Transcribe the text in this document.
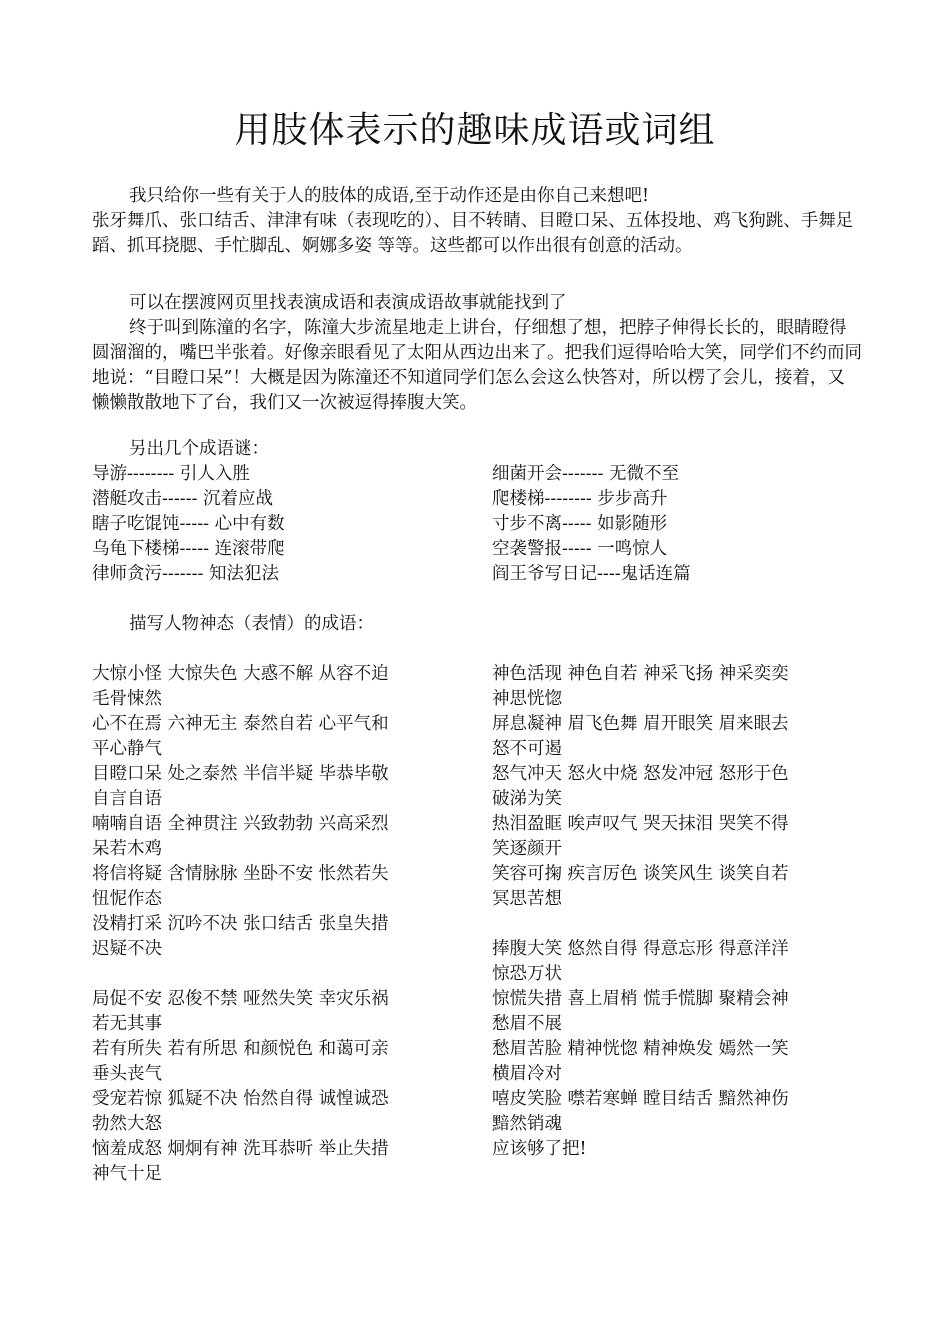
用肢体表示的趣味成语或词组

我只给你一些有关于人的肢体的成语,至于动作还是由你自己来想吧!

张牙舞爪、张口结舌、津津有味（表现吃的）、目不转睛、目瞪口呆、五体投地、鸡飞狗跳、手舞足蹈、抓耳挠腮、手忙脚乱、婀娜多姿 等等。这些都可以作出很有创意的活动。

可以在摆渡网页里找表演成语和表演成语故事就能找到了

终于叫到陈潼的名字，陈潼大步流星地走上讲台，仔细想了想，把脖子伸得长长的，眼睛瞪得圆溜溜的，嘴巴半张着。好像亲眼看见了太阳从西边出来了。把我们逗得哈哈大笑，同学们不约而同地说：“目瞪口呆”！大概是因为陈潼还不知道同学们怎么会这么快答对，所以楞了会儿，接着，又懒懒散散地下了台，我们又一次被逗得捧腹大笑。

另出几个成语谜：

导游-------- 引人入胜
潜艇攻击------ 沉着应战
瞎子吃馄饨----- 心中有数
乌龟下楼梯----- 连滚带爬
律师贪污------- 知法犯法
细菌开会------- 无微不至
爬楼梯-------- 步步高升
寸步不离----- 如影随形
空袭警报----- 一鸣惊人
阎王爷写日记----鬼话连篇

描写人物神态（表情）的成语：

大惊小怪 大惊失色 大惑不解 从容不迫
毛骨悚然
心不在焉 六神无主 泰然自若 心平气和
平心静气
目瞪口呆 处之泰然 半信半疑 毕恭毕敬
自言自语
喃喃自语 全神贯注 兴致勃勃 兴高采烈
呆若木鸡
将信将疑 含情脉脉 坐卧不安 怅然若失
忸怩作态
没精打采 沉吟不决 张口结舌 张皇失措
迟疑不决
局促不安 忍俊不禁 哑然失笑 幸灾乐祸
若无其事
若有所失 若有所思 和颜悦色 和蔼可亲
垂头丧气
受宠若惊 狐疑不决 怡然自得 诚惶诚恐
勃然大怒
恼羞成怒 炯炯有神 洗耳恭听 举止失措
神气十足
神色活现 神色自若 神采飞扬 神采奕奕
神思恍惚
屏息凝神 眉飞色舞 眉开眼笑 眉来眼去
怒不可遏
怒气冲天 怒火中烧 怒发冲冠 怒形于色
破涕为笑
热泪盈眶 唉声叹气 哭天抹泪 哭笑不得
笑逐颜开
笑容可掬 疾言厉色 谈笑风生 谈笑自若
冥思苦想
捧腹大笑 悠然自得 得意忘形 得意洋洋
惊恐万状
惊慌失措 喜上眉梢 慌手慌脚 聚精会神
愁眉不展
愁眉苦脸 精神恍惚 精神焕发 嫣然一笑
横眉冷对
嘻皮笑脸 噤若寒蝉 瞠目结舌 黯然神伤
黯然销魂
应该够了把!
